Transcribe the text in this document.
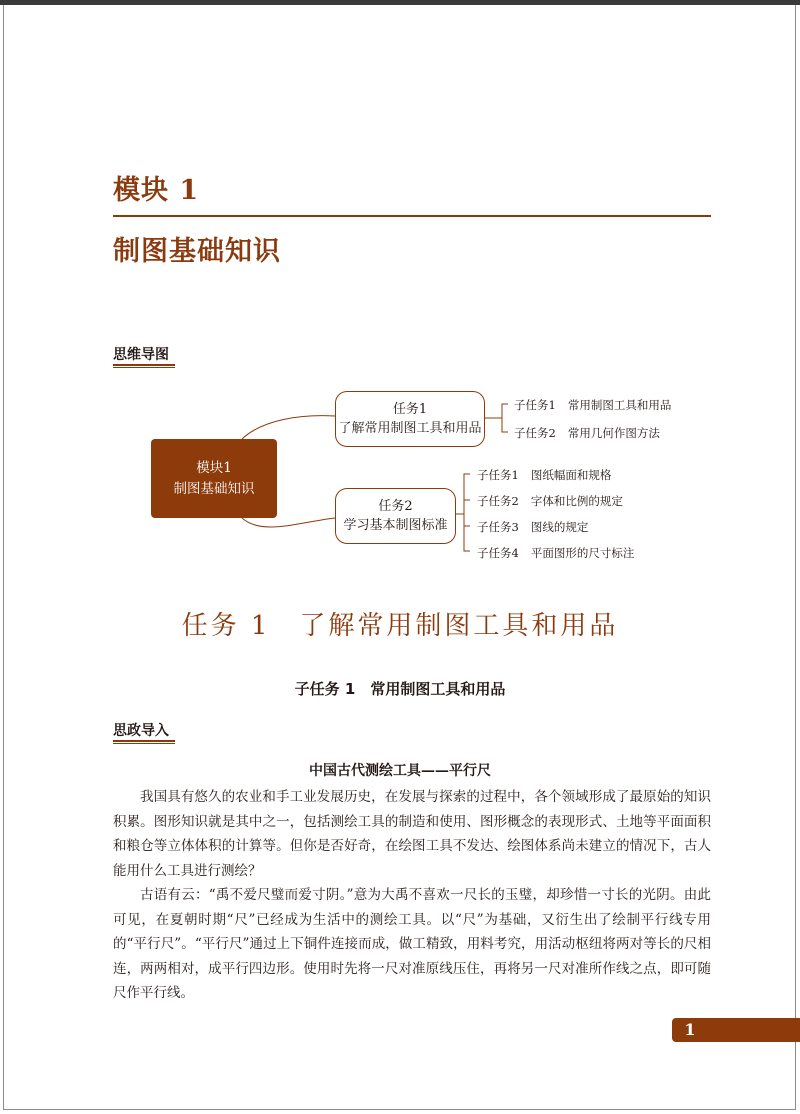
模块 1
制图基础知识
思维导图
模块1
制图基础知识
任务1
了解常用制图工具和用品
任务2
学习基本制图标准
子任务1 常用制图工具和用品
子任务2 常用几何作图方法
子任务1 图纸幅面和规格
子任务2 字体和比例的规定
子任务3 图线的规定
子任务4 平面图形的尺寸标注
任务 1　了解常用制图工具和用品
子任务 1　常用制图工具和用品
思政导入
中国古代测绘工具——平行尺

我国具有悠久的农业和手工业发展历史，在发展与探索的过程中，各个领域形成了最原始的知识积累。图形知识就是其中之一，包括测绘工具的制造和使用、图形概念的表现形式、土地等平面面积和粮仓等立体体积的计算等。但你是否好奇，在绘图工具不发达、绘图体系尚未建立的情况下，古人能用什么工具进行测绘？

古语有云：“禹不爱尺璧而爱寸阴。”意为大禹不喜欢一尺长的玉璧，却珍惜一寸长的光阴。由此可见，在夏朝时期“尺”已经成为生活中的测绘工具。以“尺”为基础，又衍生出了绘制平行线专用的“平行尺”。“平行尺”通过上下铜件连接而成，做工精致，用料考究，用活动枢纽将两对等长的尺相连，两两相对，成平行四边形。使用时先将一尺对准原线压住，再将另一尺对准所作线之点，即可随尺作平行线。

1
